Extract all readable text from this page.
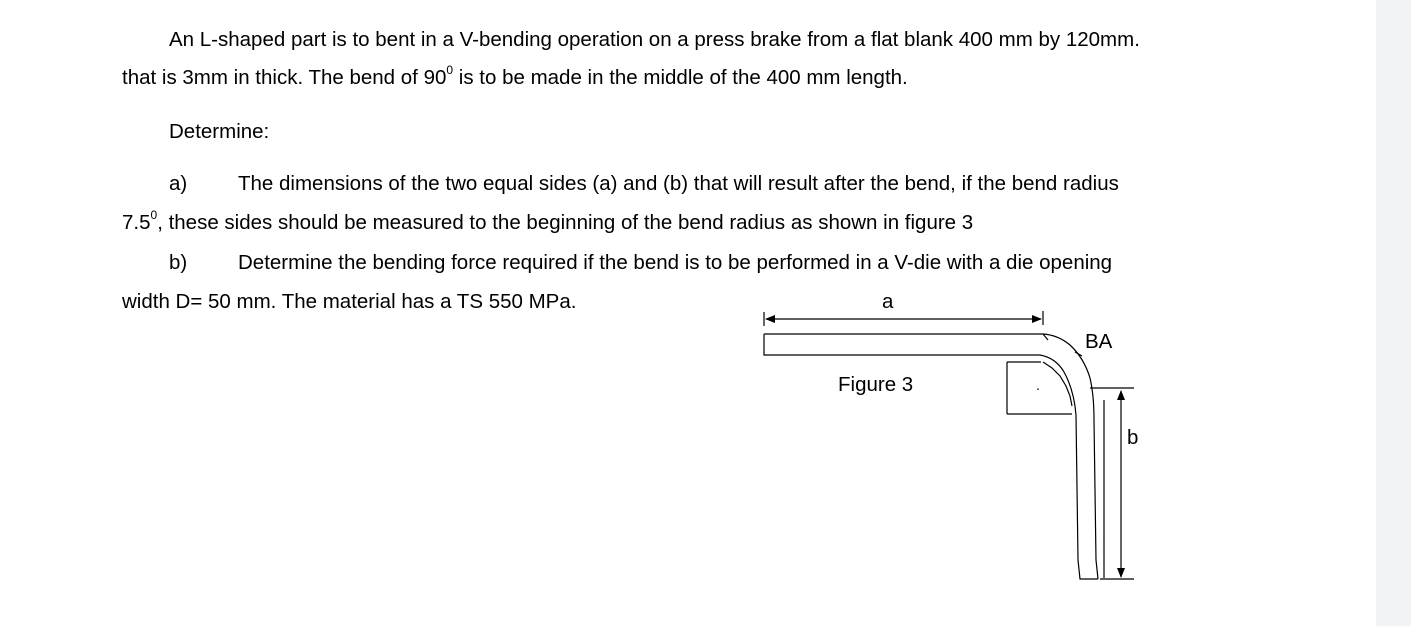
An L-shaped part is to bent in a V-bending operation on a press brake from a flat blank 400 mm by 120mm.
that is 3mm in thick. The bend of $90^0$ is to be made in the middle of the 400 mm length.
Determine:
a) The dimensions of the two equal sides (a) and (b) that will result after the bend, if the bend radius
$7.5^0$, these sides should be measured to the beginning of the bend radius as shown in figure 3
b) Determine the bending force required if the bend is to be performed in a V-die with a die opening
width D= 50 mm. The material has a TS 550 MPa.	a
BA
Figure 3	.
b
